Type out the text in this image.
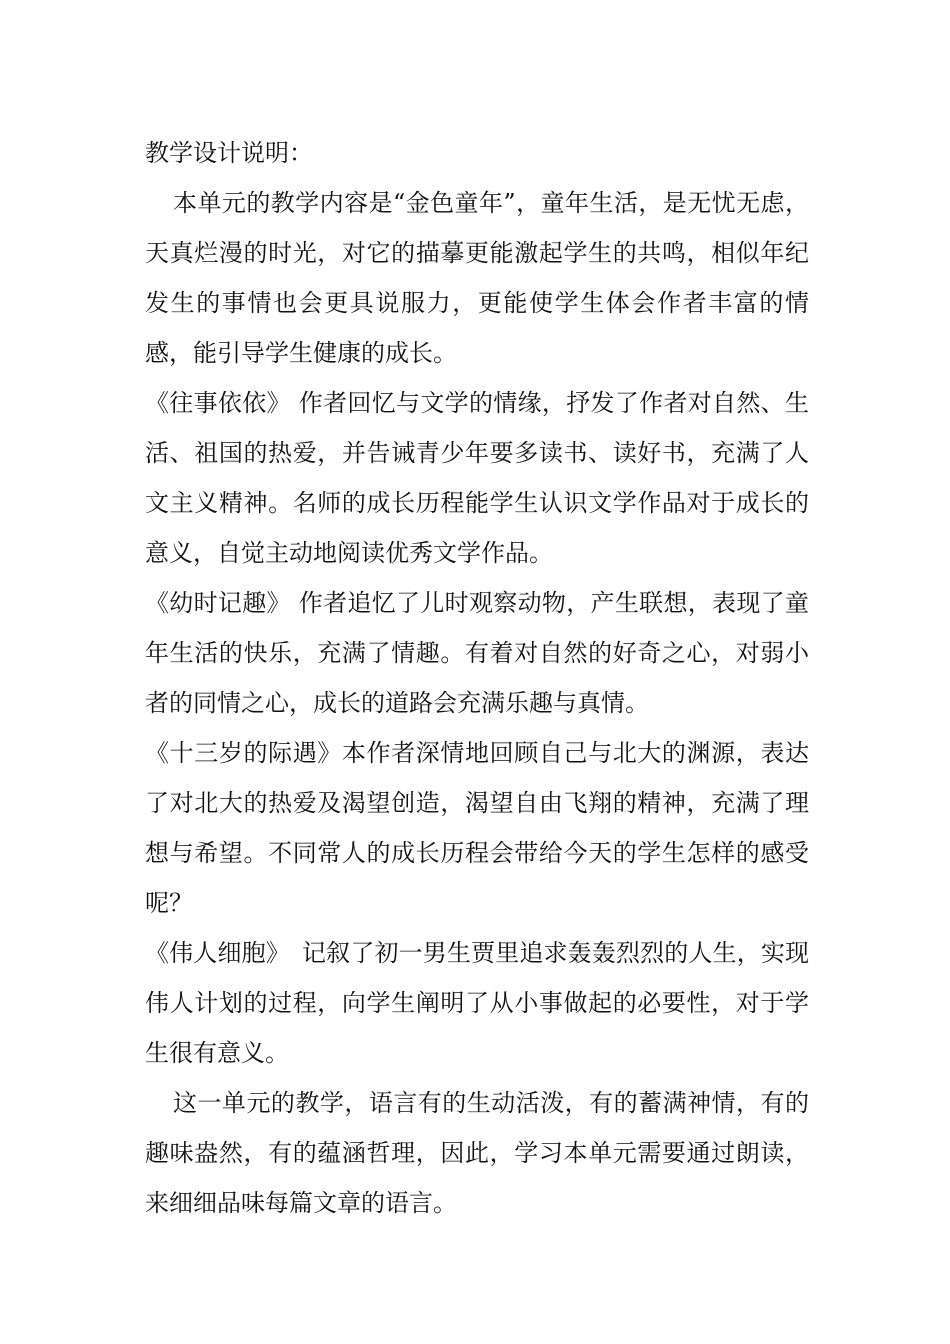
教学设计说明：

本单元的教学内容是“金色童年”，童年生活，是无忧无虑，天真烂漫的时光，对它的描摹更能激起学生的共鸣，相似年纪发生的事情也会更具说服力，更能使学生体会作者丰富的情感，能引导学生健康的成长。

《往事依依》 作者回忆与文学的情缘，抒发了作者对自然、生活、祖国的热爱，并告诫青少年要多读书、读好书，充满了人文主义精神。名师的成长历程能学生认识文学作品对于成长的意义，自觉主动地阅读优秀文学作品。

《幼时记趣》 作者追忆了儿时观察动物，产生联想，表现了童年生活的快乐，充满了情趣。有着对自然的好奇之心，对弱小者的同情之心，成长的道路会充满乐趣与真情。

《十三岁的际遇》本作者深情地回顾自己与北大的渊源，表达了对北大的热爱及渴望创造，渴望自由飞翔的精神，充满了理想与希望。不同常人的成长历程会带给今天的学生怎样的感受呢？

《伟人细胞》　记叙了初一男生贾里追求轰轰烈烈的人生，实现伟人计划的过程，向学生阐明了从小事做起的必要性，对于学生很有意义。

这一单元的教学，语言有的生动活泼，有的蓄满神情，有的趣味盎然，有的蕴涵哲理，因此，学习本单元需要通过朗读，来细细品味每篇文章的语言。
